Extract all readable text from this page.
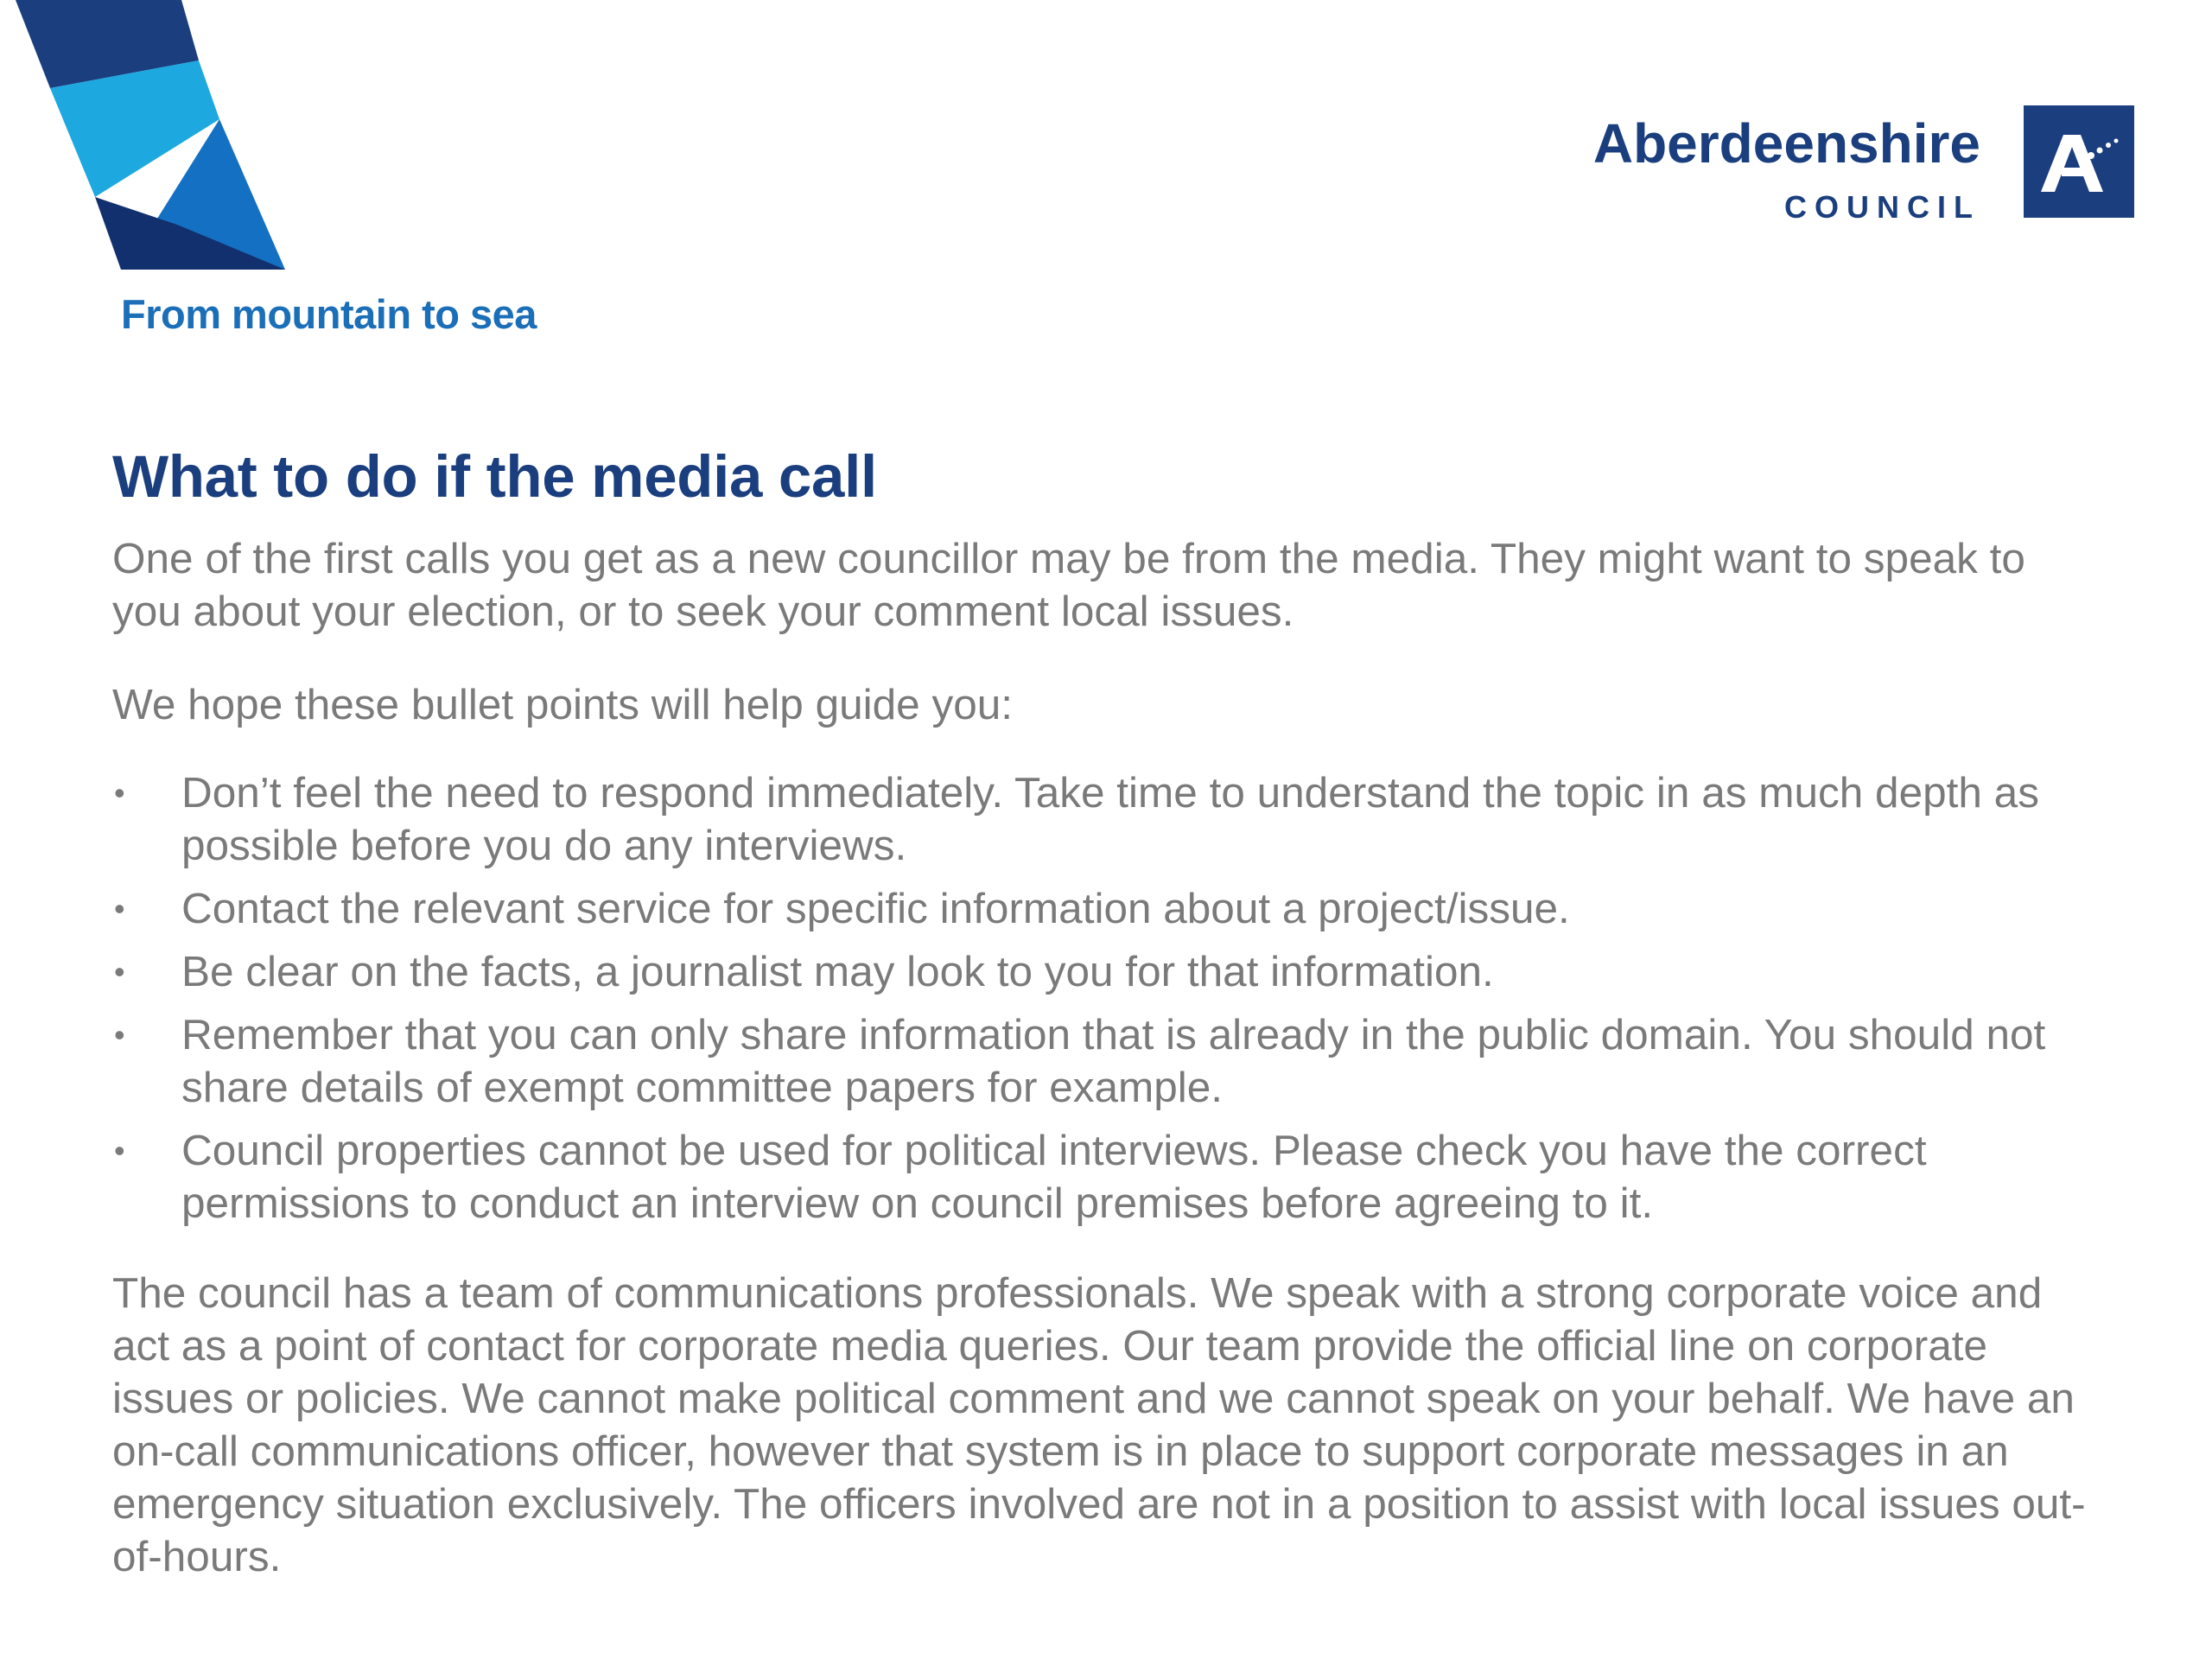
From mountain to sea
Aberdeenshire
COUNCIL
What to do if the media call

One of the first calls you get as a new councillor may be from the media. They might want to speak to you about your election, or to seek your comment local issues.

We hope these bullet points will help guide you:

• Don’t feel the need to respond immediately. Take time to understand the topic in as much depth as possible before you do any interviews.
• Contact the relevant service for specific information about a project/issue.
• Be clear on the facts, a journalist may look to you for that information.
• Remember that you can only share information that is already in the public domain. You should not share details of exempt committee papers for example.
• Council properties cannot be used for political interviews. Please check you have the correct permissions to conduct an interview on council premises before agreeing to it.

The council has a team of communications professionals. We speak with a strong corporate voice and act as a point of contact for corporate media queries. Our team provide the official line on corporate issues or policies. We cannot make political comment and we cannot speak on your behalf. We have an on-call communications officer, however that system is in place to support corporate messages in an emergency situation exclusively. The officers involved are not in a position to assist with local issues out-of-hours.
